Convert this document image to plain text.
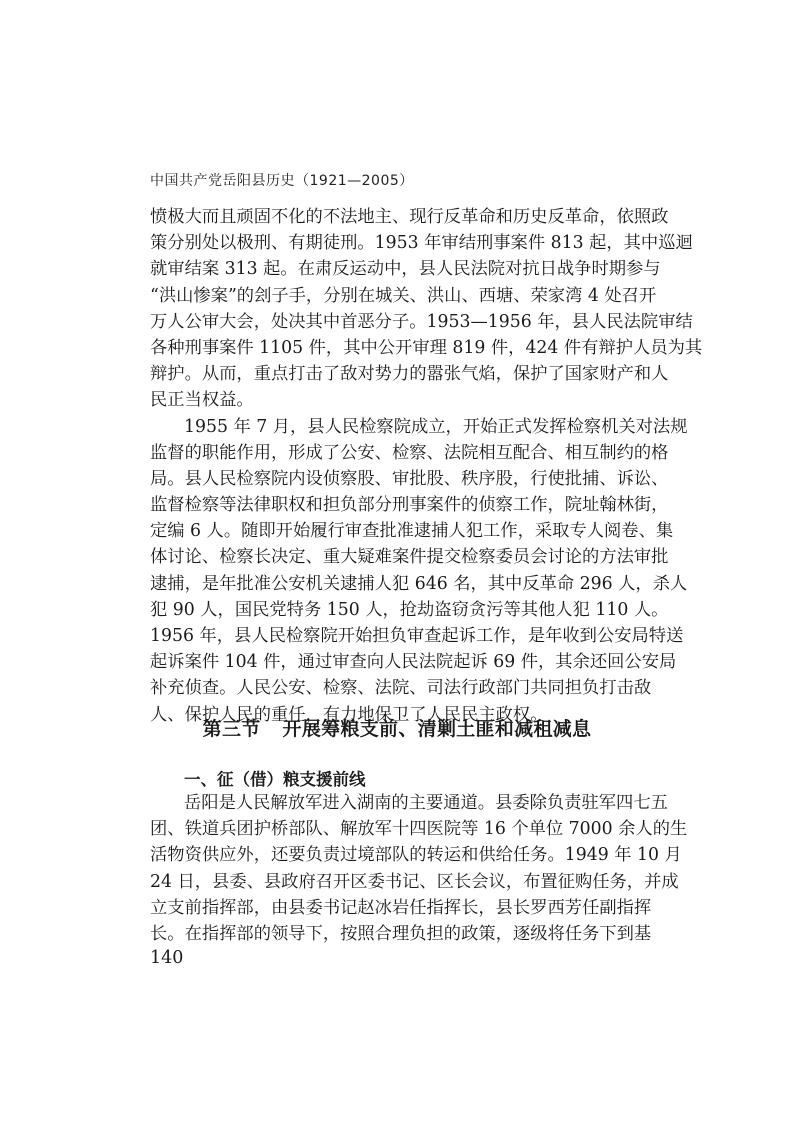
中国共产党岳阳县历史（1921—2005）
愤极大而且顽固不化的不法地主、现行反革命和历史反革命，依照政
策分别处以极刑、有期徒刑。1953 年审结刑事案件 813 起，其中巡迴
就审结案 313 起。在肃反运动中，县人民法院对抗日战争时期参与
“洪山惨案”的刽子手，分别在城关、洪山、西塘、荣家湾 4 处召开
万人公审大会，处决其中首恶分子。1953—1956 年，县人民法院审结
各种刑事案件 1105 件，其中公开审理 819 件，424 件有辩护人员为其
辩护。从而，重点打击了敌对势力的嚣张气焰，保护了国家财产和人
民正当权益。
1955 年 7 月，县人民检察院成立，开始正式发挥检察机关对法规
监督的职能作用，形成了公安、检察、法院相互配合、相互制约的格
局。县人民检察院内设侦察股、审批股、秩序股，行使批捕、诉讼、
监督检察等法律职权和担负部分刑事案件的侦察工作，院址翰林街，
定编 6 人。随即开始履行审查批准逮捕人犯工作，采取专人阅卷、集
体讨论、检察长决定、重大疑难案件提交检察委员会讨论的方法审批
逮捕，是年批准公安机关逮捕人犯 646 名，其中反革命 296 人，杀人
犯 90 人，国民党特务 150 人，抢劫盗窃贪污等其他人犯 110 人。
1956 年，县人民检察院开始担负审查起诉工作，是年收到公安局特送
起诉案件 104 件，通过审查向人民法院起诉 69 件，其余还回公安局
补充侦查。人民公安、检察、法院、司法行政部门共同担负打击敌
人、保护人民的重任，有力地保卫了人民民主政权。
第三节 开展筹粮支前、清剿土匪和减租减息
一、征（借）粮支援前线
岳阳是人民解放军进入湖南的主要通道。县委除负责驻军四七五
团、铁道兵团护桥部队、解放军十四医院等 16 个单位 7000 余人的生
活物资供应外，还要负责过境部队的转运和供给任务。1949 年 10 月
24 日，县委、县政府召开区委书记、区长会议，布置征购任务，并成
立支前指挥部，由县委书记赵冰岩任指挥长，县长罗西芳任副指挥
长。在指挥部的领导下，按照合理负担的政策，逐级将任务下到基
140
